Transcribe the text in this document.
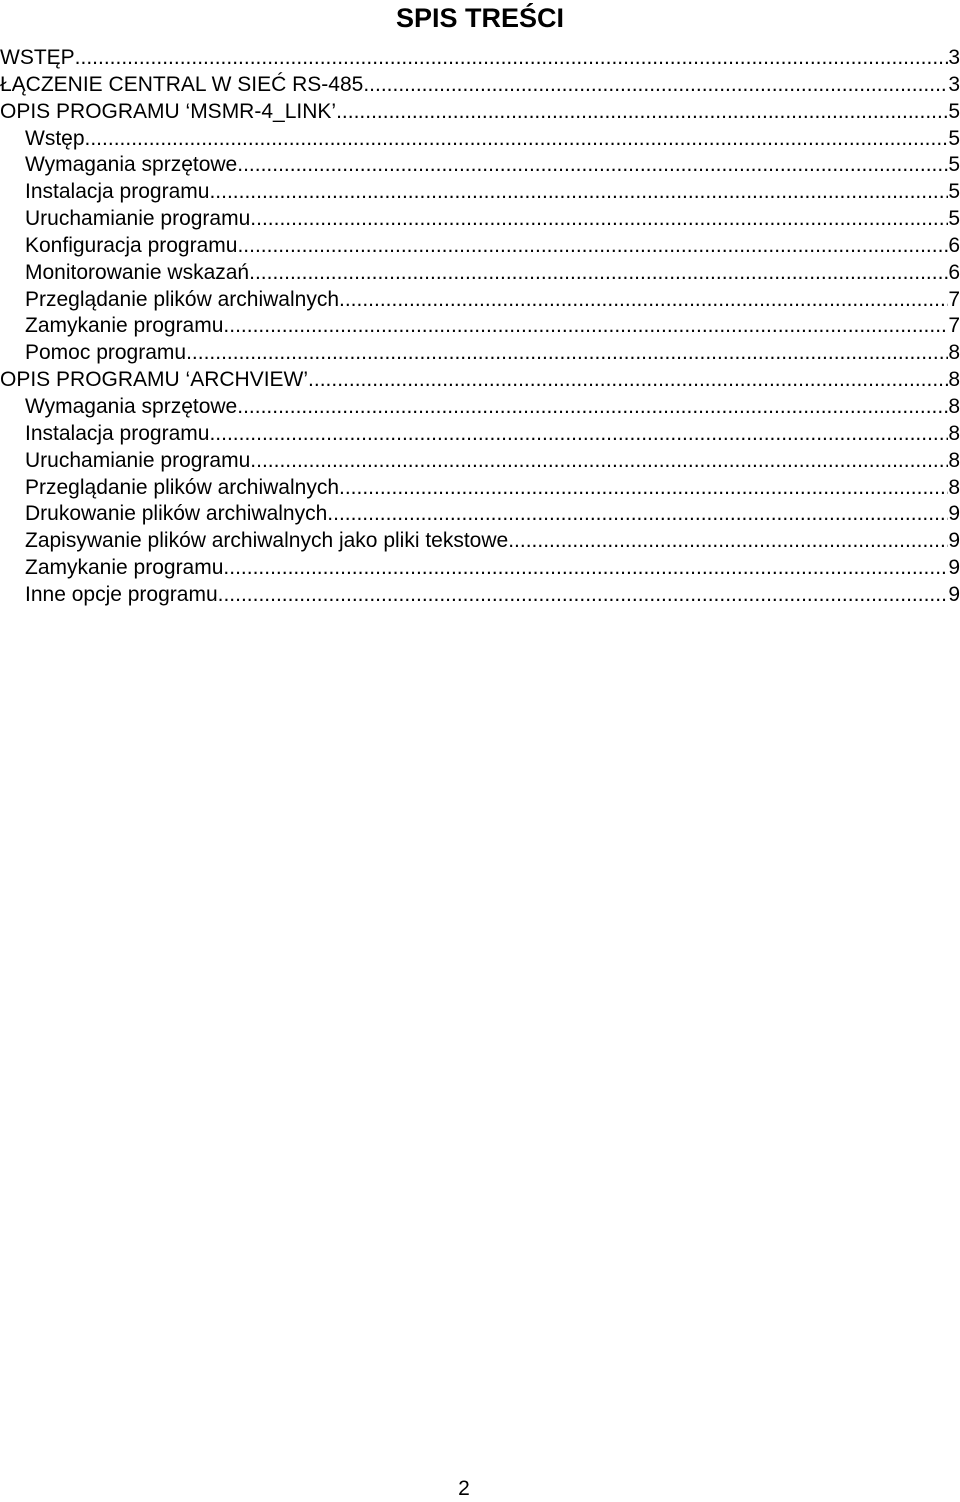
SPIS TREŚCI
WSTĘP .....	3
ŁĄCZENIE CENTRAL W SIEĆ RS-485 .....	3
OPIS PROGRAMU ‘MSMR-4_LINK’ .....	5
Wstęp .....	5
Wymagania sprzętowe .....	5
Instalacja programu .....	5
Uruchamianie programu .....	5
Konfiguracja programu .....	6
Monitorowanie wskazań .....	6
Przeglądanie plików archiwalnych .....	7
Zamykanie programu .....	7
Pomoc programu .....	8
OPIS PROGRAMU ‘ARCHVIEW’ .....	8
Wymagania sprzętowe .....	8
Instalacja programu .....	8
Uruchamianie programu .....	8
Przeglądanie plików archiwalnych .....	8
Drukowanie plików archiwalnych .....	9
Zapisywanie plików archiwalnych jako pliki tekstowe .....	9
Zamykanie programu .....	9
Inne opcje programu .....	9
2
